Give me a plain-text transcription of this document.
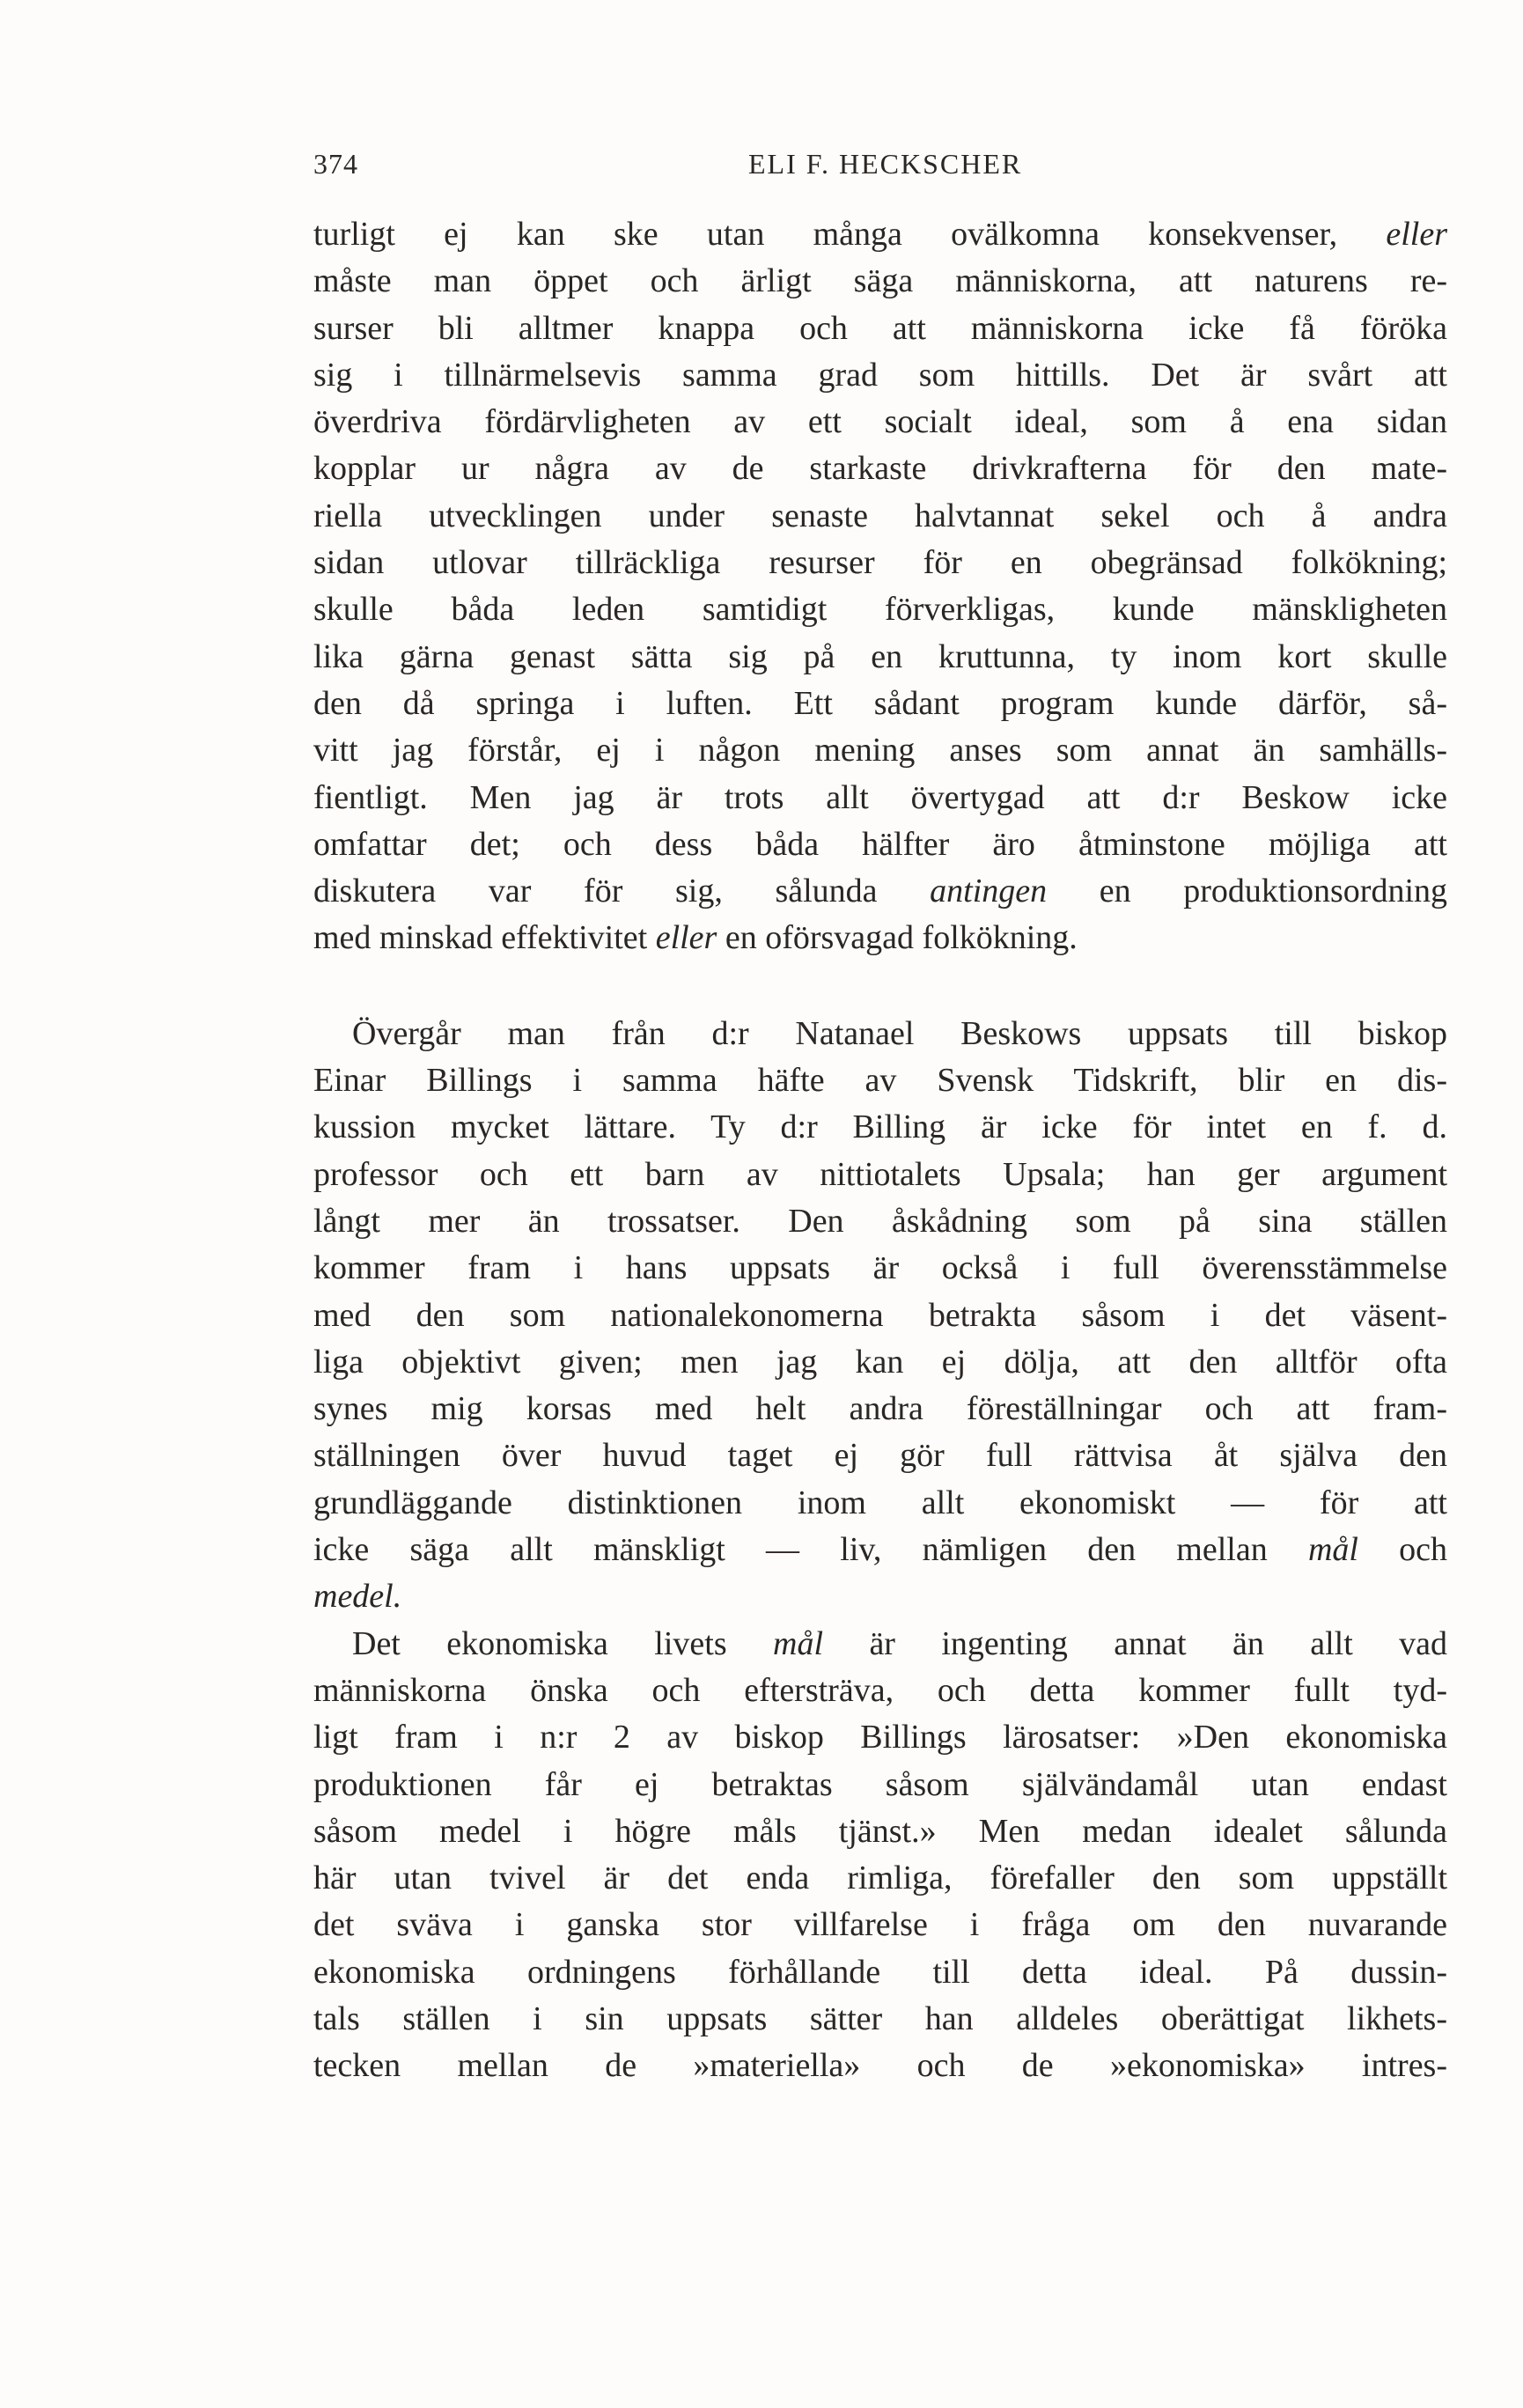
374	ELI F. HECKSCHER
turligt ej kan ske utan många ovälkomna konsekvenser, eller
måste man öppet och ärligt säga människorna, att naturens re-
surser bli alltmer knappa och att människorna icke få föröka
sig i tillnärmelsevis samma grad som hittills. Det är svårt att
överdriva fördärvligheten av ett socialt ideal, som å ena sidan
kopplar ur några av de starkaste drivkrafterna för den mate-
riella utvecklingen under senaste halvtannat sekel och å andra
sidan utlovar tillräckliga resurser för en obegränsad folkökning;
skulle båda leden samtidigt förverkligas, kunde mänskligheten
lika gärna genast sätta sig på en kruttunna, ty inom kort skulle
den då springa i luften. Ett sådant program kunde därför, så-
vitt jag förstår, ej i någon mening anses som annat än samhälls-
fientligt. Men jag är trots allt övertygad att d:r Beskow icke
omfattar det; och dess båda hälfter äro åtminstone möjliga att
diskutera var för sig, sålunda antingen en produktionsordning
med minskad effektivitet eller en oförsvagad folkökning.
Övergår man från d:r Natanael Beskows uppsats till biskop
Einar Billings i samma häfte av Svensk Tidskrift, blir en dis-
kussion mycket lättare. Ty d:r Billing är icke för intet en f. d.
professor och ett barn av nittiotalets Upsala; han ger argument
långt mer än trossatser. Den åskådning som på sina ställen
kommer fram i hans uppsats är också i full överensstämmelse
med den som nationalekonomerna betrakta såsom i det väsent-
liga objektivt given; men jag kan ej dölja, att den alltför ofta
synes mig korsas med helt andra föreställningar och att fram-
ställningen över huvud taget ej gör full rättvisa åt själva den
grundläggande distinktionen inom allt ekonomiskt — för att
icke säga allt mänskligt — liv, nämligen den mellan mål och
medel.
Det ekonomiska livets mål är ingenting annat än allt vad
människorna önska och eftersträva, och detta kommer fullt tyd-
ligt fram i n:r 2 av biskop Billings lärosatser: »Den ekonomiska
produktionen får ej betraktas såsom självändamål utan endast
såsom medel i högre måls tjänst.» Men medan idealet sålunda
här utan tvivel är det enda rimliga, förefaller den som uppställt
det sväva i ganska stor villfarelse i fråga om den nuvarande
ekonomiska ordningens förhållande till detta ideal. På dussin-
tals ställen i sin uppsats sätter han alldeles oberättigat likhets-
tecken mellan de »materiella» och de »ekonomiska» intres-
